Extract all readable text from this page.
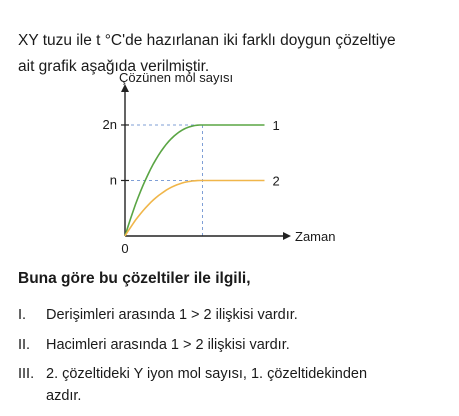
XY tuzu ile t °C'de hazırlanan iki farklı doygun çözeltiye
ait grafik aşağıda verilmiştir.
n
2n	1
2
Çözünen mol sayısı
Zaman
0
Buna göre bu çözeltiler ile ilgili,
I. Derişimleri arasında 1 > 2 ilişkisi vardır.
II. Hacimleri arasında 1 > 2 ilişkisi vardır.
III. 2. çözeltideki Y iyon mol sayısı, 1. çözeltidekinden azdır.
